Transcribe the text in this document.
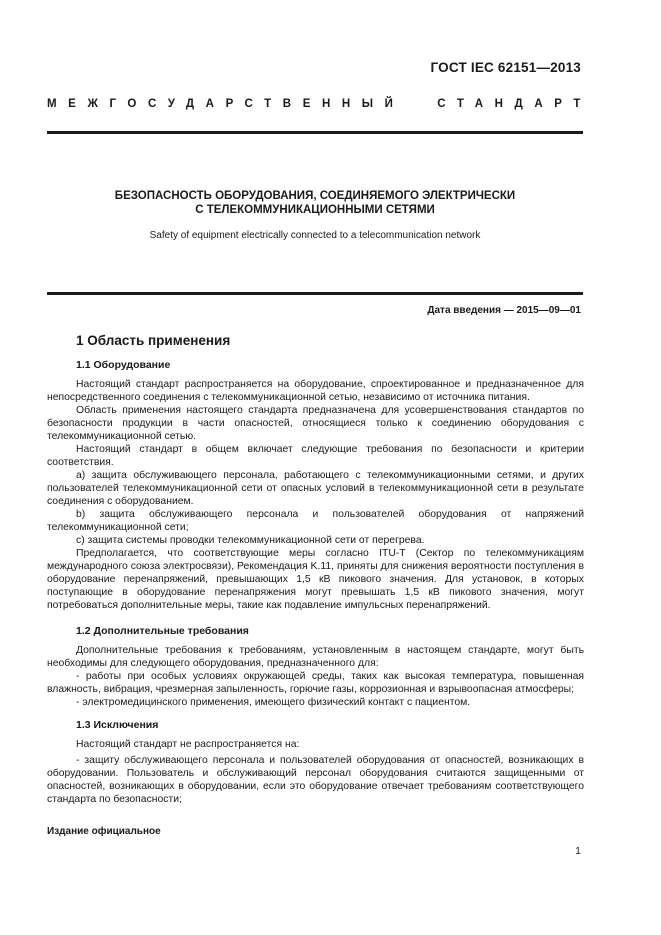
ГОСТ IEC 62151—2013
МЕЖГОСУДАРСТВЕННЫЙ	СТАНДАРТ
БЕЗОПАСНОСТЬ ОБОРУДОВАНИЯ, СОЕДИНЯЕМОГО ЭЛЕКТРИЧЕСКИ
С ТЕЛЕКОММУНИКАЦИОННЫМИ СЕТЯМИ
Safety of equipment electrically connected to a telecommunication network
Дата введения — 2015—09—01
1 Область применения
1.1 Оборудование

Настоящий стандарт распространяется на оборудование, спроектированное и предназначенное для непосредственного соединения с телекоммуникационной сетью, независимо от источника питания.

Область применения настоящего стандарта предназначена для усовершенствования стандартов по безопасности продукции в части опасностей, относящиеся только к соединению оборудования с телекоммуникационной сетью.

Настоящий стандарт в общем включает следующие требования по безопасности и критерии соответствия.

а) защита обслуживающего персонала, работающего с телекоммуникационными сетями, и других пользователей телекоммуникационной сети от опасных условий в телекоммуникационной сети в результате соединения с оборудованием.

b) защита обслуживающего персонала и пользователей оборудования от напряжений телекоммуникационной сети;

с) защита системы проводки телекоммуникационной сети от перегрева.

Предполагается, что соответствующие меры согласно ITU-T (Сектор по телекоммуникациям международного союза электросвязи), Рекомендация K.11, приняты для снижения вероятности поступления в оборудование перенапряжений, превышающих 1,5 кВ пикового значения. Для установок, в которых поступающие в оборудование перенапряжения могут превышать 1,5 кВ пикового значения, могут потребоваться дополнительные меры, такие как подавление импульсных перенапряжений.

1.2 Дополнительные требования

Дополнительные требования к требованиям, установленным в настоящем стандарте, могут быть необходимы для следующего оборудования, предназначенного для:

- работы при особых условиях окружающей среды, таких как высокая температура, повышенная влажность, вибрация, чрезмерная запыленность, горючие газы, коррозионная и взрывоопасная атмосферы;

- электромедицинского применения, имеющего физический контакт с пациентом.

1.3 Исключения

Настоящий стандарт не распространяется на:

- защиту обслуживающего персонала и пользователей оборудования от опасностей, возникающих в оборудовании. Пользователь и обслуживающий персонал оборудования считаются защищенными от опасностей, возникающих в оборудовании, если это оборудование отвечает требованиям соответствующего стандарта по безопасности;

Издание официальное
1
